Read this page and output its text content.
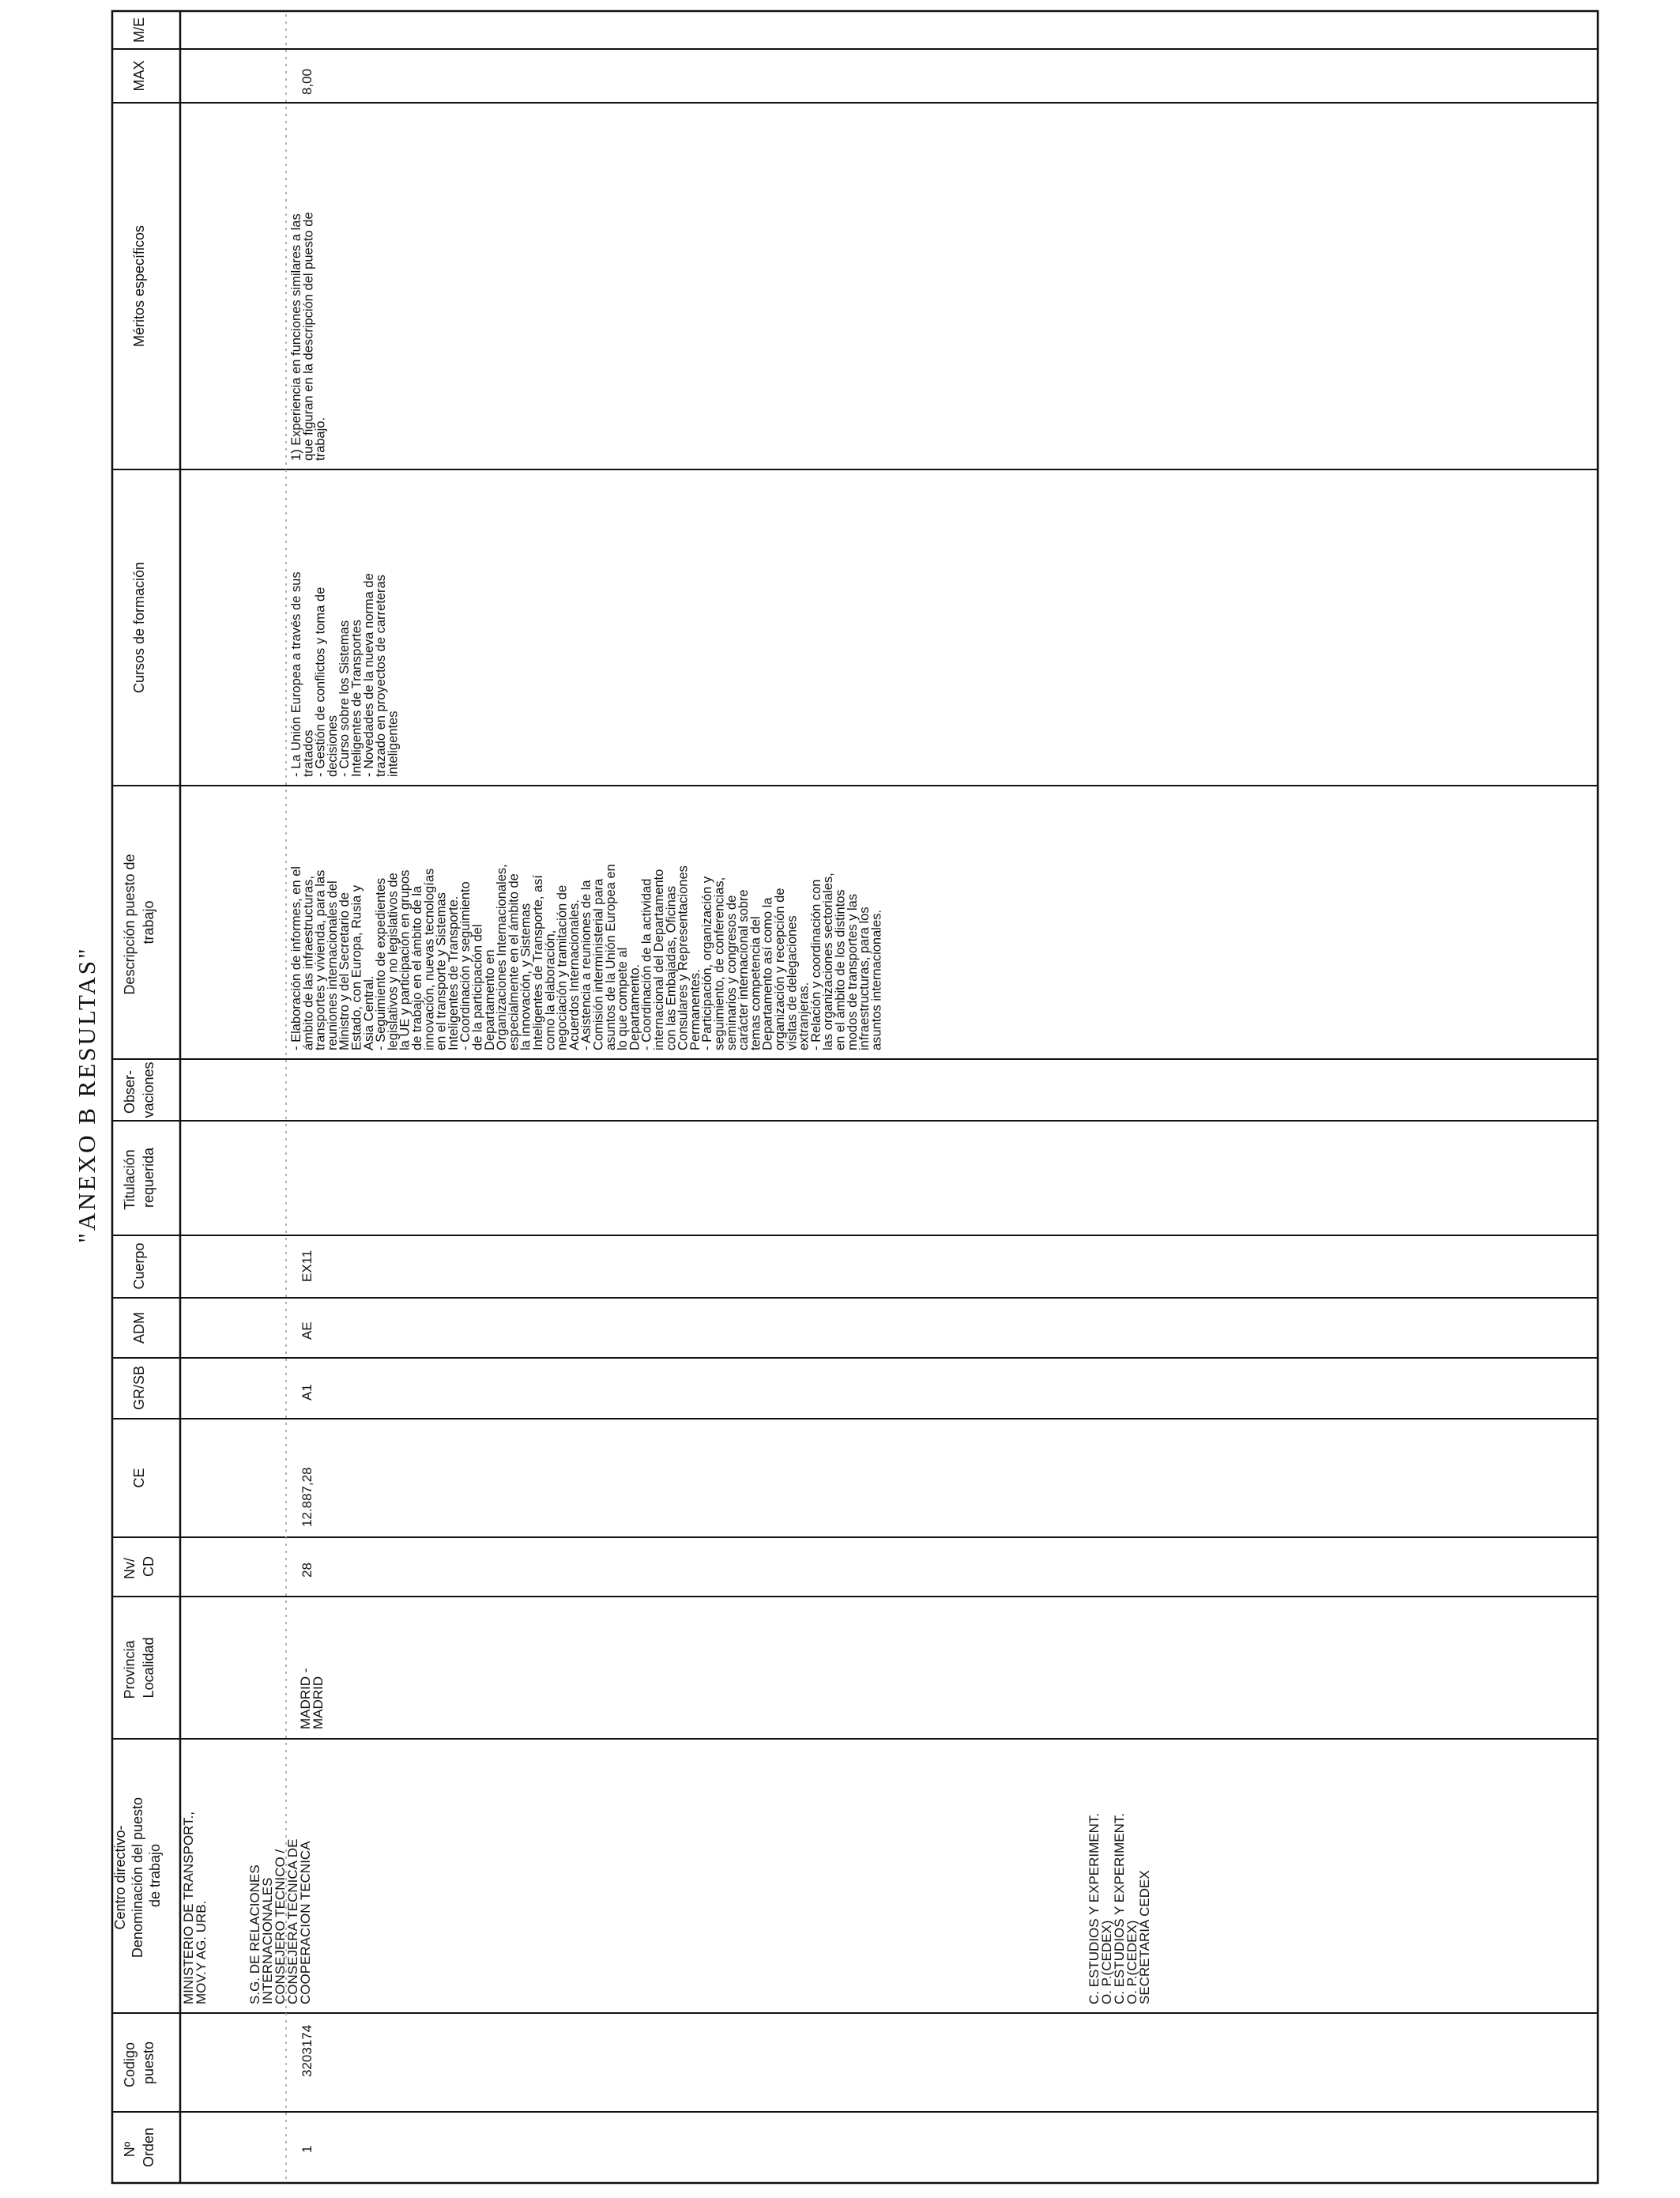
"ANEXO B RESULTAS"
M/E
MAX
Méritos específicos
Cursos de formación
Descripción puesto de trabajo
Obser- vaciones
Titulación requerida
Cuerpo
ADM
GR/SB
CE
Nv/ CD
Provincia Localidad
Centro directivo- Denominación del puesto de trabajo
Codigo puesto
Nº Orden
MINISTERIO DE TRANSPORT., MOV.Y AG. URB.
1
3203174
S.G. DE RELACIONES INTERNACIONALES CONSEJERO TECNICO / CONSEJERA TECNICA DE COOPERACION TECNICA
MADRID - MADRID
28
12.887,28
A1
AE
EX11
- Elaboración de informes, en elámbito de las infraestructuras,transportes y vivienda, para lasreuniones internacionales delMinistro y del Secretario deEstado, con Europa, Rusia yAsia Central.- Seguimiento de expedienteslegislativos y no legislativos dela UE y participación en gruposde trabajo en el ámbito de lainnovación, nuevas tecnologíasen el transporte y SistemasInteligentes de Transporte.- Coordinación y seguimientode la participación delDepartamento enOrganizaciones Internacionales,especialmente en el ámbito dela innovación, y SistemasInteligentes de Transporte, asícomo la elaboración,negociación y tramitación deAcuerdos Internacionales.- Asistencia a reuniones de laComisión interministerial paraasuntos de la Unión Europea enlo que compete alDepartamento.- Coordinación de la actividadinternacional del Departamentocon las Embajadas, OficinasConsulares y RepresentacionesPermanentes.- Participación, organización yseguimiento, de conferencias,seminarios y congresos decarácter internacional sobretemas competencia delDepartamento así como laorganización y recepción devisitas de delegacionesextranjeras.- Relación y coordinación conlas organizaciones sectoriales,en el ámbito de los distintosmodos de transportes y lasinfraestructuras, para losasuntos internacionales.
- La Unión Europea a través de sustratados- Gestión de conflictos y toma dedecisiones- Curso sobre los SistemasInteligentes de Transportes- Novedades de la nueva norma detrazado en proyectos de carreterasinteligentes
1) Experiencia en funciones similares a lasque figuran en la descripción del puesto detrabajo.
8,00
C. ESTUDIOS Y EXPERIMENT.O. P.(CEDEX)C. ESTUDIOS Y EXPERIMENT.O. P.(CEDEX)SECRETARIA CEDEX
